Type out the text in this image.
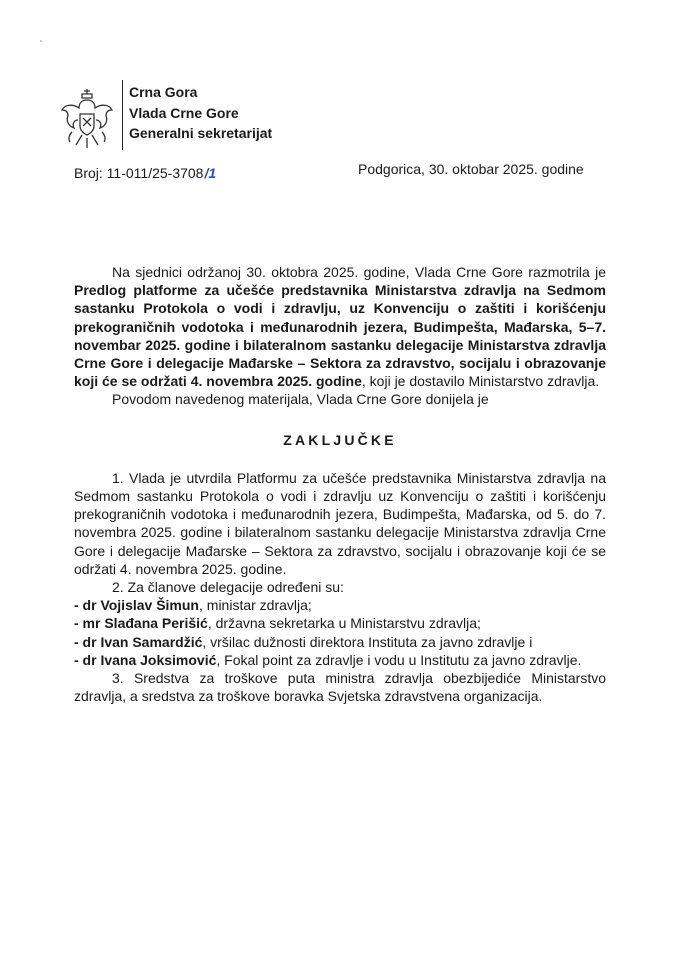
Crna Gora
Vlada Crne Gore
Generalni sekretarijat
Broj: 11-011/25-3708/1	Podgorica, 30. oktobar 2025. godine

Na sjednici održanoj 30. oktobra 2025. godine, Vlada Crne Gore razmotrila je Predlog platforme za učešće predstavnika Ministarstva zdravlja na Sedmom sastanku Protokola o vodi i zdravlju, uz Konvenciju o zaštiti i korišćenju prekograničnih vodotoka i međunarodnih jezera, Budimpešta, Mađarska, 5–7. novembar 2025. godine i bilateralnom sastanku delegacije Ministarstva zdravlja Crne Gore i delegacije Mađarske – Sektora za zdravstvo, socijalu i obrazovanje koji će se održati 4. novembra 2025. godine, koji je dostavilo Ministarstvo zdravlja.

Povodom navedenog materijala, Vlada Crne Gore donijela je

ZAKLJUČKE

1. Vlada je utvrdila Platformu za učešće predstavnika Ministarstva zdravlja na Sedmom sastanku Protokola o vodi i zdravlju uz Konvenciju o zaštiti i korišćenju prekograničnih vodotoka i međunarodnih jezera, Budimpešta, Mađarska, od 5. do 7. novembra 2025. godine i bilateralnom sastanku delegacije Ministarstva zdravlja Crne Gore i delegacije Mađarske – Sektora za zdravstvo, socijalu i obrazovanje koji će se održati 4. novembra 2025. godine.

2. Za članove delegacije određeni su:

- dr Vojislav Šimun, ministar zdravlja;

- mr Slađana Perišić, državna sekretarka u Ministarstvu zdravlja;

- dr Ivan Samardžić, vršilac dužnosti direktora Instituta za javno zdravlje i

- dr Ivana Joksimović, Fokal point za zdravlje i vodu u Institutu za javno zdravlje.

3. Sredstva za troškove puta ministra zdravlja obezbijediće Ministarstvo zdravlja, a sredstva za troškove boravka Svjetska zdravstvena organizacija.
